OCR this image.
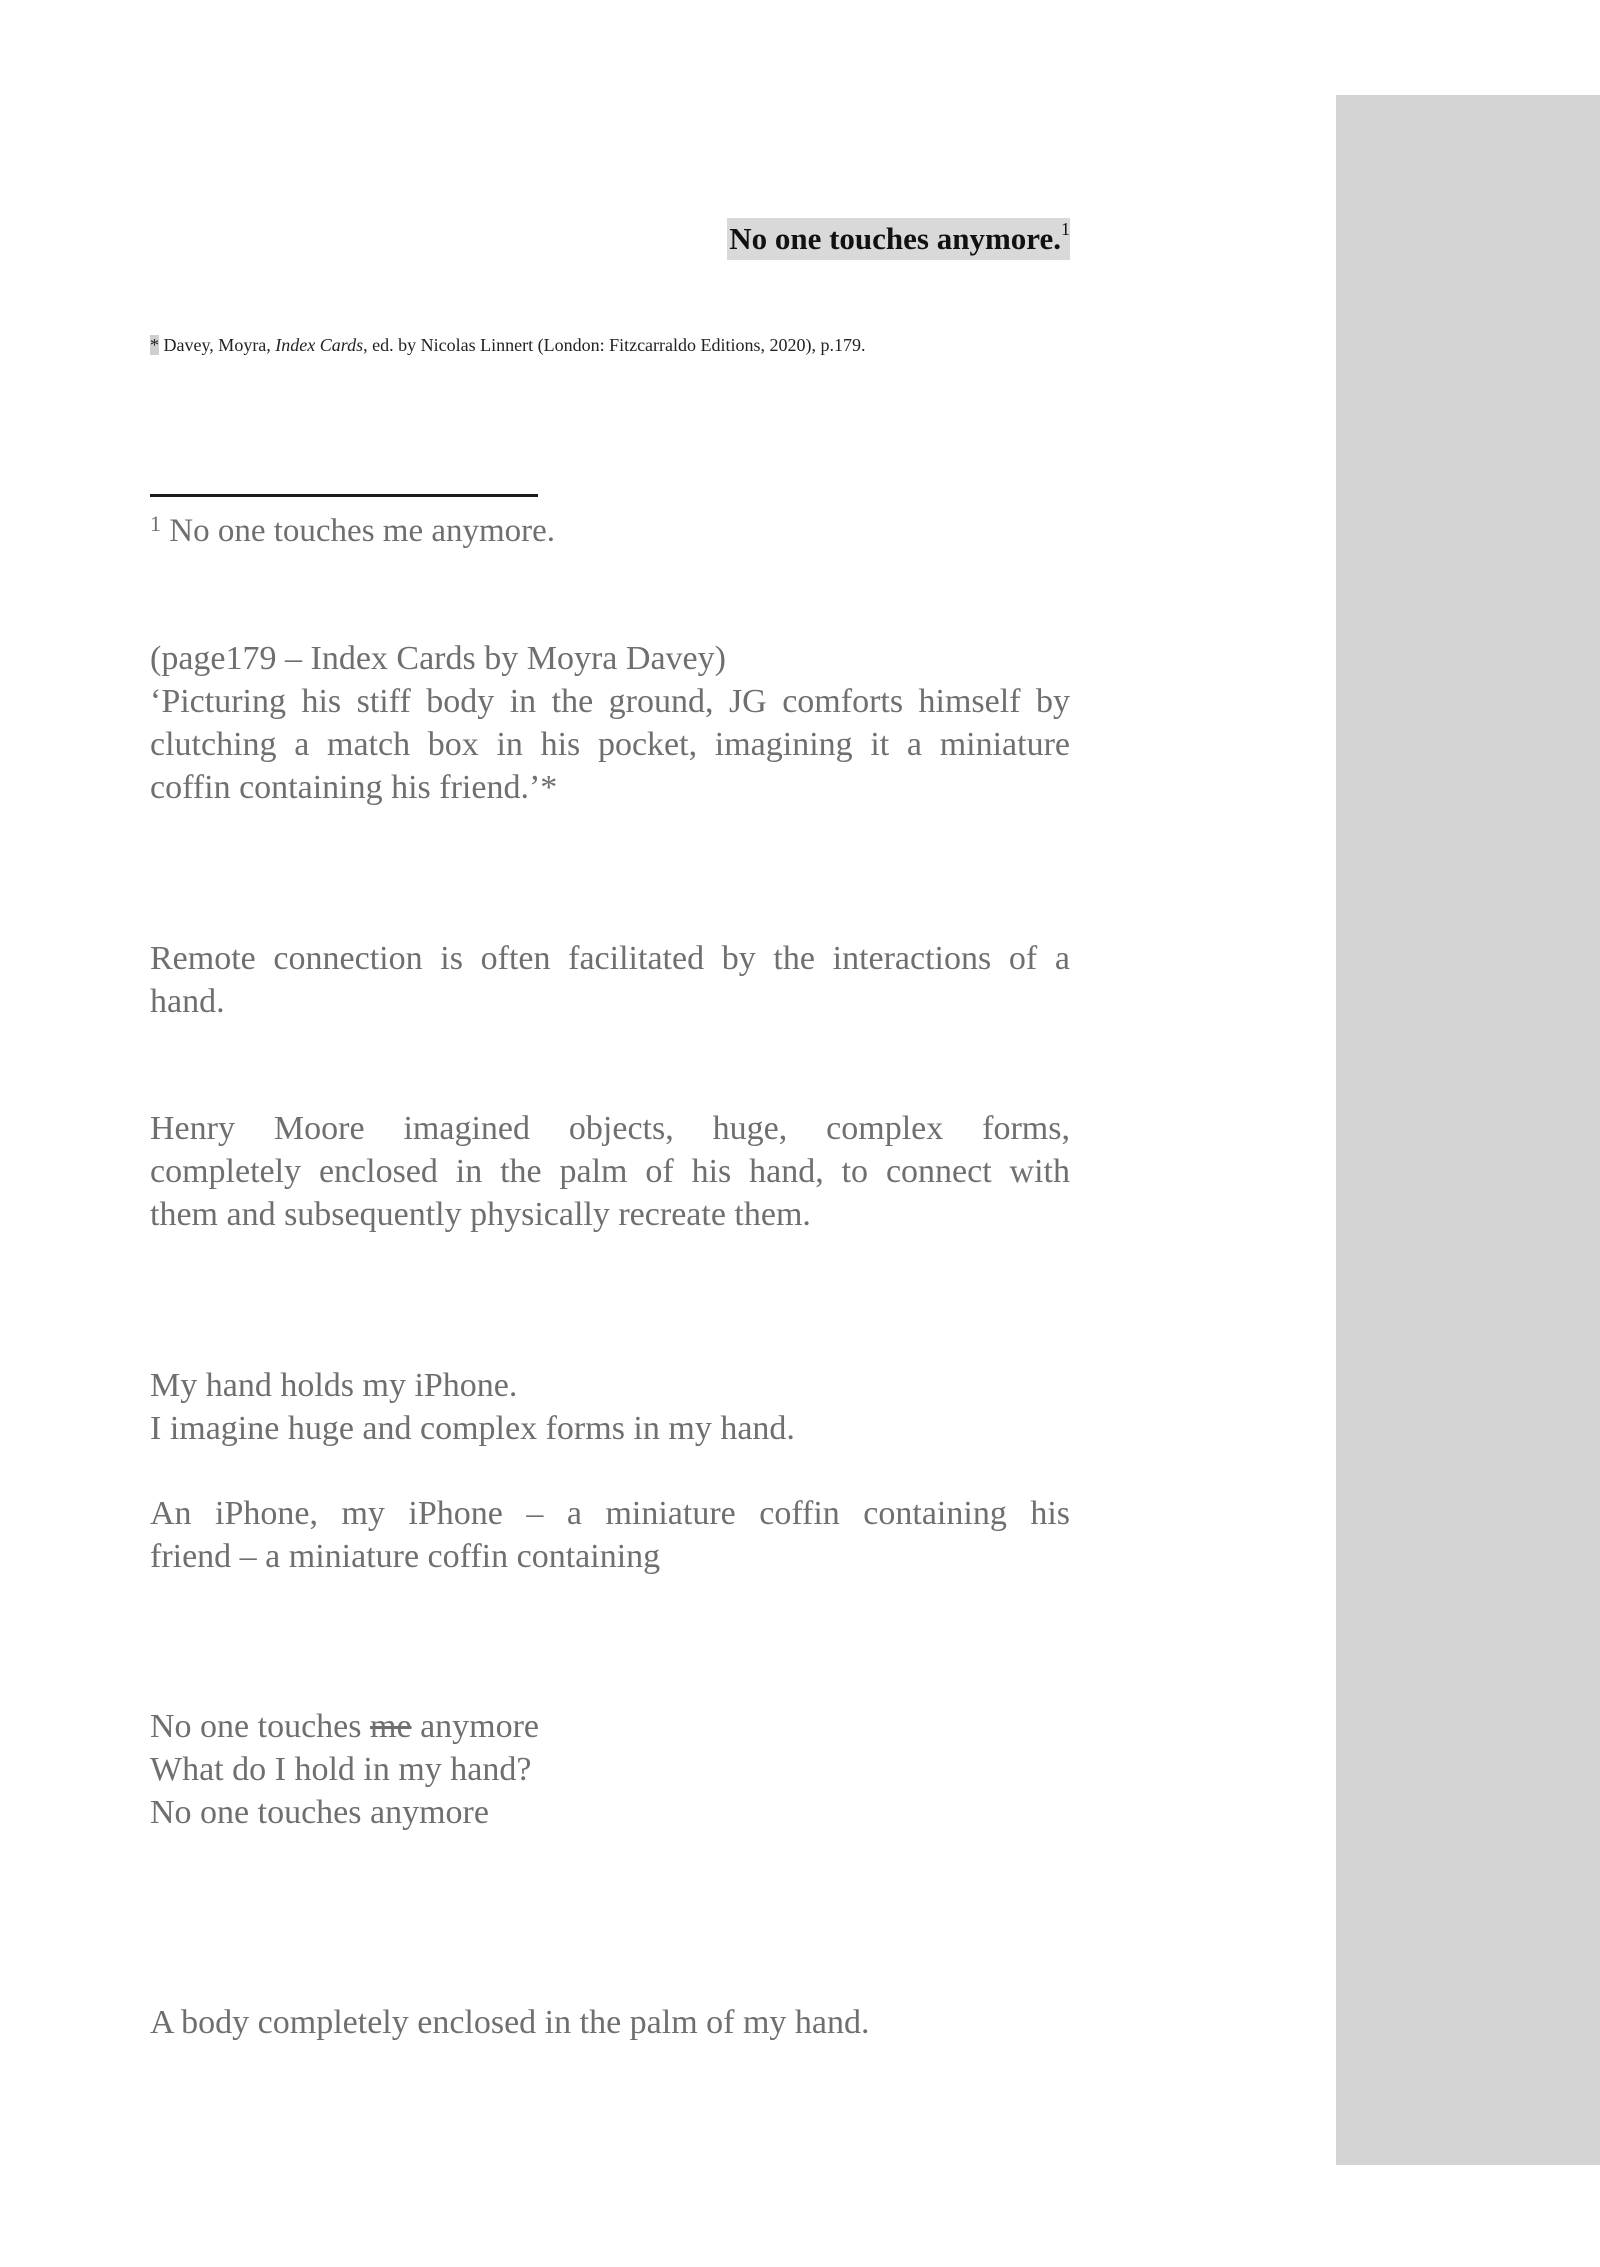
No one touches anymore.$^1$
* Davey, Moyra, Index Cards, ed. by Nicolas Linnert (London: Fitzcarraldo Editions, 2020), p.179.
$^1$ No one touches me anymore.
(page179 – Index Cards by Moyra Davey)
‘Picturing his stiff body in the ground, JG comforts himself by
clutching a match box in his pocket, imagining it a miniature
coffin containing his friend.’*
Remote connection is often facilitated by the interactions of a
hand.
Henry Moore imagined objects, huge, complex forms,
completely enclosed in the palm of his hand, to connect with
them and subsequently physically recreate them.
My hand holds my iPhone.
I imagine huge and complex forms in my hand.
An iPhone, my iPhone – a miniature coffin containing his
friend – a miniature coffin containing
No one touches me anymore
What do I hold in my hand?
No one touches anymore
A body completely enclosed in the palm of my hand.
